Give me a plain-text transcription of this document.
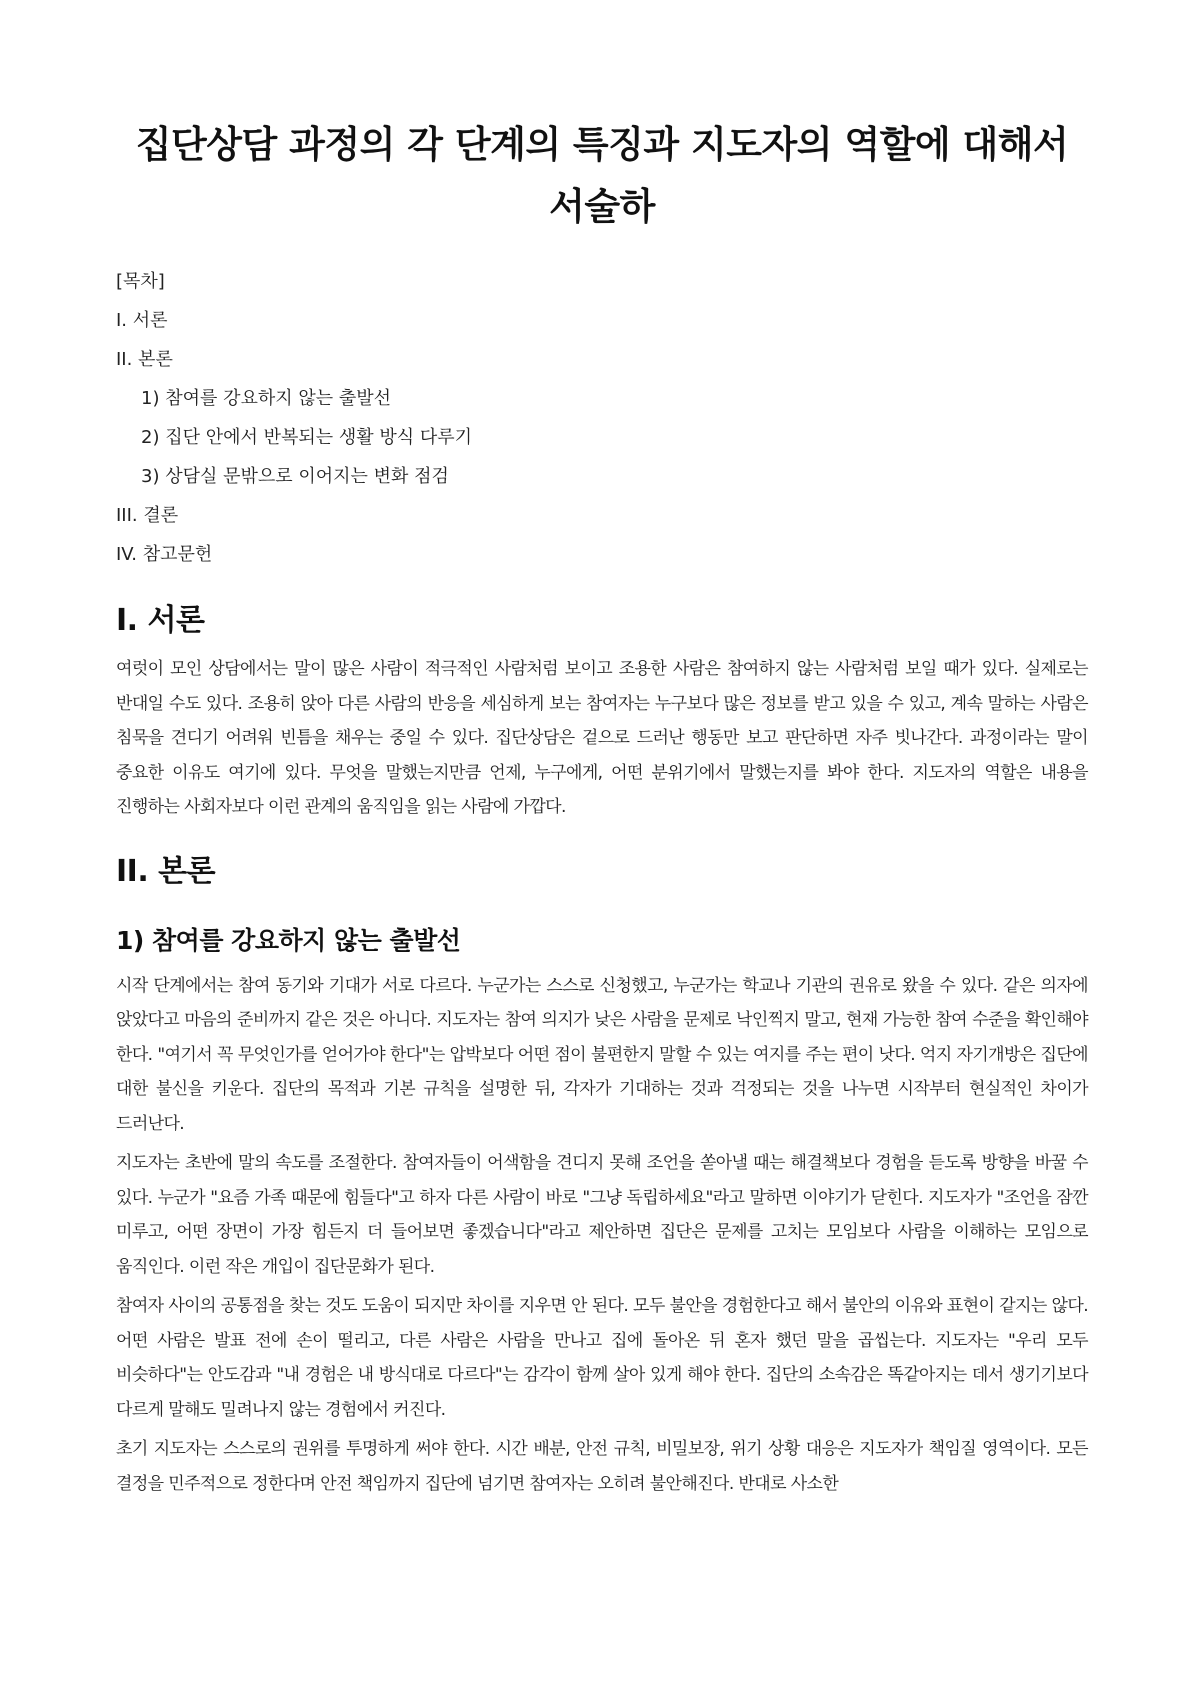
집단상담 과정의 각 단계의 특징과 지도자의 역할에 대해서 서술하
[목차]
I. 서론
II. 본론
1) 참여를 강요하지 않는 출발선
2) 집단 안에서 반복되는 생활 방식 다루기
3) 상담실 문밖으로 이어지는 변화 점검
III. 결론
IV. 참고문헌
I. 서론

여럿이 모인 상담에서는 말이 많은 사람이 적극적인 사람처럼 보이고 조용한 사람은 참여하지 않는 사람처럼 보일 때가 있다. 실제로는 반대일 수도 있다. 조용히 앉아 다른 사람의 반응을 세심하게 보는 참여자는 누구보다 많은 정보를 받고 있을 수 있고, 계속 말하는 사람은 침묵을 견디기 어려워 빈틈을 채우는 중일 수 있다. 집단상담은 겉으로 드러난 행동만 보고 판단하면 자주 빗나간다. 과정이라는 말이 중요한 이유도 여기에 있다. 무엇을 말했는지만큼 언제, 누구에게, 어떤 분위기에서 말했는지를 봐야 한다. 지도자의 역할은 내용을 진행하는 사회자보다 이런 관계의 움직임을 읽는 사람에 가깝다.

II. 본론
1) 참여를 강요하지 않는 출발선

시작 단계에서는 참여 동기와 기대가 서로 다르다. 누군가는 스스로 신청했고, 누군가는 학교나 기관의 권유로 왔을 수 있다. 같은 의자에 앉았다고 마음의 준비까지 같은 것은 아니다. 지도자는 참여 의지가 낮은 사람을 문제로 낙인찍지 말고, 현재 가능한 참여 수준을 확인해야 한다. "여기서 꼭 무엇인가를 얻어가야 한다"는 압박보다 어떤 점이 불편한지 말할 수 있는 여지를 주는 편이 낫다. 억지 자기개방은 집단에 대한 불신을 키운다. 집단의 목적과 기본 규칙을 설명한 뒤, 각자가 기대하는 것과 걱정되는 것을 나누면 시작부터 현실적인 차이가 드러난다.

지도자는 초반에 말의 속도를 조절한다. 참여자들이 어색함을 견디지 못해 조언을 쏟아낼 때는 해결책보다 경험을 듣도록 방향을 바꿀 수 있다. 누군가 "요즘 가족 때문에 힘들다"고 하자 다른 사람이 바로 "그냥 독립하세요"라고 말하면 이야기가 닫힌다. 지도자가 "조언을 잠깐 미루고, 어떤 장면이 가장 힘든지 더 들어보면 좋겠습니다"라고 제안하면 집단은 문제를 고치는 모임보다 사람을 이해하는 모임으로 움직인다. 이런 작은 개입이 집단문화가 된다.

참여자 사이의 공통점을 찾는 것도 도움이 되지만 차이를 지우면 안 된다. 모두 불안을 경험한다고 해서 불안의 이유와 표현이 같지는 않다. 어떤 사람은 발표 전에 손이 떨리고, 다른 사람은 사람을 만나고 집에 돌아온 뒤 혼자 했던 말을 곱씹는다. 지도자는 "우리 모두 비슷하다"는 안도감과 "내 경험은 내 방식대로 다르다"는 감각이 함께 살아 있게 해야 한다. 집단의 소속감은 똑같아지는 데서 생기기보다 다르게 말해도 밀려나지 않는 경험에서 커진다.

초기 지도자는 스스로의 권위를 투명하게 써야 한다. 시간 배분, 안전 규칙, 비밀보장, 위기 상황 대응은 지도자가 책임질 영역이다. 모든 결정을 민주적으로 정한다며 안전 책임까지 집단에 넘기면 참여자는 오히려 불안해진다. 반대로 사소한
